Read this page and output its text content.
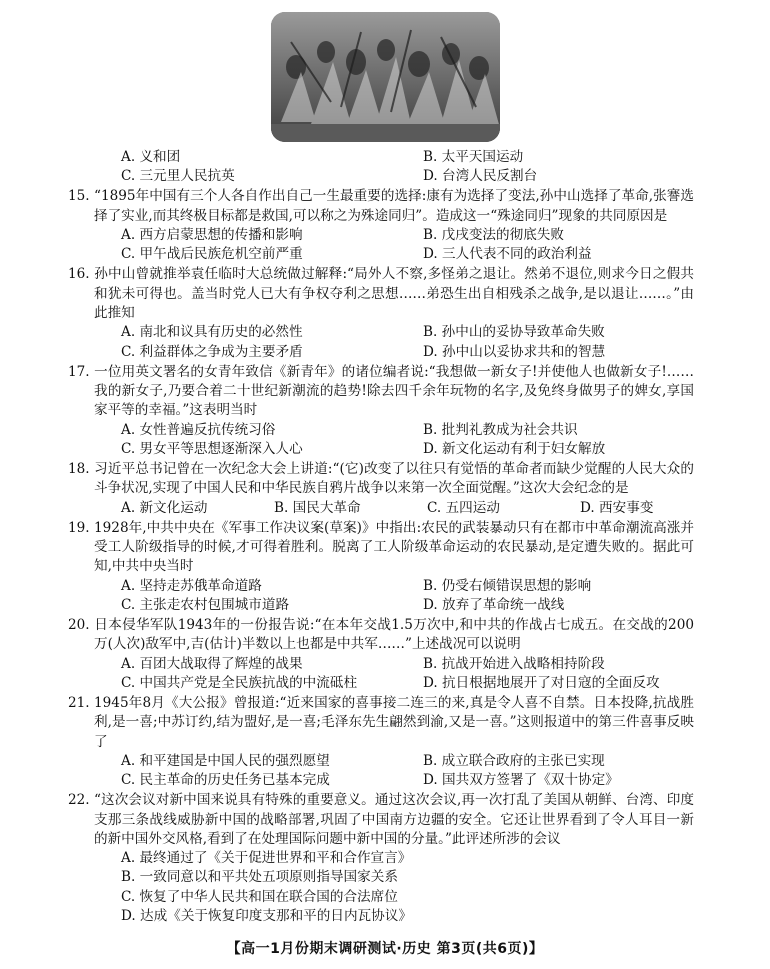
A. 义和团	B. 太平天国运动
C. 三元里人民抗英	D. 台湾人民反割台
15. “1895年中国有三个人各自作出自己一生最重要的选择:康有为选择了变法,孙中山选择了革命,张謇选择了实业,而其终极目标都是救国,可以称之为殊途同归”。造成这一“殊途同归”现象的共同原因是
A. 西方启蒙思想的传播和影响	B. 戊戌变法的彻底失败
C. 甲午战后民族危机空前严重	D. 三人代表不同的政治利益
16. 孙中山曾就推举袁任临时大总统做过解释:“局外人不察,多怪弟之退让。然弟不退位,则求今日之假共和犹未可得也。盖当时党人已大有争权夺利之思想……弟恐生出自相残杀之战争,是以退让……。”由此推知
A. 南北和议具有历史的必然性	B. 孙中山的妥协导致革命失败
C. 利益群体之争成为主要矛盾	D. 孙中山以妥协求共和的智慧
17. 一位用英文署名的女青年致信《新青年》的诸位编者说:“我想做一新女子!并使他人也做新女子!……我的新女子,乃要合着二十世纪新潮流的趋势!除去四千余年玩物的名字,及免终身做男子的婢女,享国家平等的幸福。”这表明当时
A. 女性普遍反抗传统习俗	B. 批判礼教成为社会共识
C. 男女平等思想逐渐深入人心	D. 新文化运动有利于妇女解放
18. 习近平总书记曾在一次纪念大会上讲道:“(它)改变了以往只有觉悟的革命者而缺少觉醒的人民大众的斗争状况,实现了中国人民和中华民族自鸦片战争以来第一次全面觉醒。”这次大会纪念的是
A. 新文化运动	B. 国民大革命	C. 五四运动	D. 西安事变
19. 1928年,中共中央在《军事工作决议案(草案)》中指出:农民的武装暴动只有在都市中革命潮流高涨并受工人阶级指导的时候,才可得着胜利。脱离了工人阶级革命运动的农民暴动,是定遭失败的。据此可知,中共中央当时
A. 坚持走苏俄革命道路	B. 仍受右倾错误思想的影响
C. 主张走农村包围城市道路	D. 放弃了革命统一战线
20. 日本侵华军队1943年的一份报告说:“在本年交战1.5万次中,和中共的作战占七成五。在交战的200万(人次)敌军中,吉(估计)半数以上也都是中共军……”上述战况可以说明
A. 百团大战取得了辉煌的战果	B. 抗战开始进入战略相持阶段
C. 中国共产党是全民族抗战的中流砥柱	D. 抗日根据地展开了对日寇的全面反攻
21. 1945年8月《大公报》曾报道:“近来国家的喜事接二连三的来,真是令人喜不自禁。日本投降,抗战胜利,是一喜;中苏订约,结为盟好,是一喜;毛泽东先生翩然到渝,又是一喜。”这则报道中的第三件喜事反映了
A. 和平建国是中国人民的强烈愿望	B. 成立联合政府的主张已实现
C. 民主革命的历史任务已基本完成	D. 国共双方签署了《双十协定》
22. “这次会议对新中国来说具有特殊的重要意义。通过这次会议,再一次打乱了美国从朝鲜、台湾、印度支那三条战线威胁新中国的战略部署,巩固了中国南方边疆的安全。它还让世界看到了令人耳目一新的新中国外交风格,看到了在处理国际问题中新中国的分量。”此评述所涉的会议
A. 最终通过了《关于促进世界和平和合作宣言》
B. 一致同意以和平共处五项原则指导国家关系
C. 恢复了中华人民共和国在联合国的合法席位
D. 达成《关于恢复印度支那和平的日内瓦协议》
【高一1月份期末调研测试·历史 第3页(共6页)】
